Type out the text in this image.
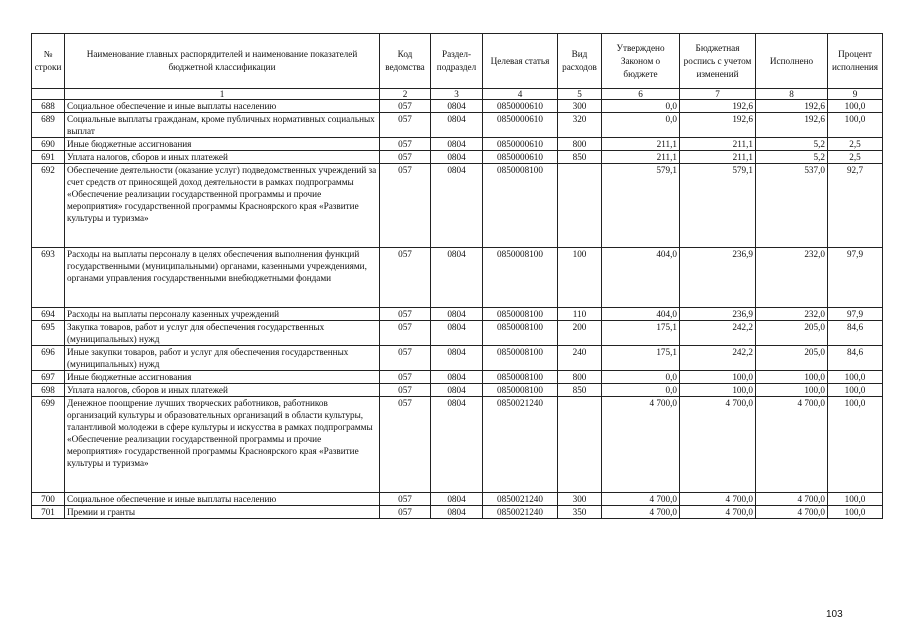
№ строки	Наименование главных распорядителей и наименование показателей бюджетной классификации	Код ведомства	Раздел-подраздел	Целевая статья	Вид расходов	Утверждено Законом о бюджете	Бюджетная роспись с учетом изменений	Исполнено	Процент исполнения
	1	2	3	4	5	6	7	8	9
688	Социальное обеспечение и иные выплаты населению	057	0804	0850000610	300	0,0	192,6	192,6	100,0
689	Социальные выплаты гражданам, кроме публичных нормативных социальных выплат	057	0804	0850000610	320	0,0	192,6	192,6	100,0
690	Иные бюджетные ассигнования	057	0804	0850000610	800	211,1	211,1	5,2	2,5
691	Уплата налогов, сборов и иных платежей	057	0804	0850000610	850	211,1	211,1	5,2	2,5
692	Обеспечение деятельности (оказание услуг) подведомственных учреждений за счет средств от приносящей доход деятельности в рамках подпрограммы «Обеспечение реализации государственной программы и прочие мероприятия» государственной программы Красноярского края «Развитие культуры и туризма»	057	0804	0850008100		579,1	579,1	537,0	92,7
693	Расходы на выплаты персоналу в целях обеспечения выполнения функций государственными (муниципальными) органами, казенными учреждениями, органами управления государственными внебюджетными фондами	057	0804	0850008100	100	404,0	236,9	232,0	97,9
694	Расходы на выплаты персоналу казенных учреждений	057	0804	0850008100	110	404,0	236,9	232,0	97,9
695	Закупка товаров, работ и услуг для обеспечения государственных (муниципальных) нужд	057	0804	0850008100	200	175,1	242,2	205,0	84,6
696	Иные закупки товаров, работ и услуг для обеспечения государственных (муниципальных) нужд	057	0804	0850008100	240	175,1	242,2	205,0	84,6
697	Иные бюджетные ассигнования	057	0804	0850008100	800	0,0	100,0	100,0	100,0
698	Уплата налогов, сборов и иных платежей	057	0804	0850008100	850	0,0	100,0	100,0	100,0
699	Денежное поощрение лучших творческих работников, работников организаций культуры и образовательных организаций в области культуры, талантливой молодежи в сфере культуры и искусства в рамках подпрограммы «Обеспечение реализации государственной программы и прочие мероприятия» государственной программы Красноярского края «Развитие культуры и туризма»	057	0804	0850021240		4 700,0	4 700,0	4 700,0	100,0
700	Социальное обеспечение и иные выплаты населению	057	0804	0850021240	300	4 700,0	4 700,0	4 700,0	100,0
701	Премии и гранты	057	0804	0850021240	350	4 700,0	4 700,0	4 700,0	100,0
103
